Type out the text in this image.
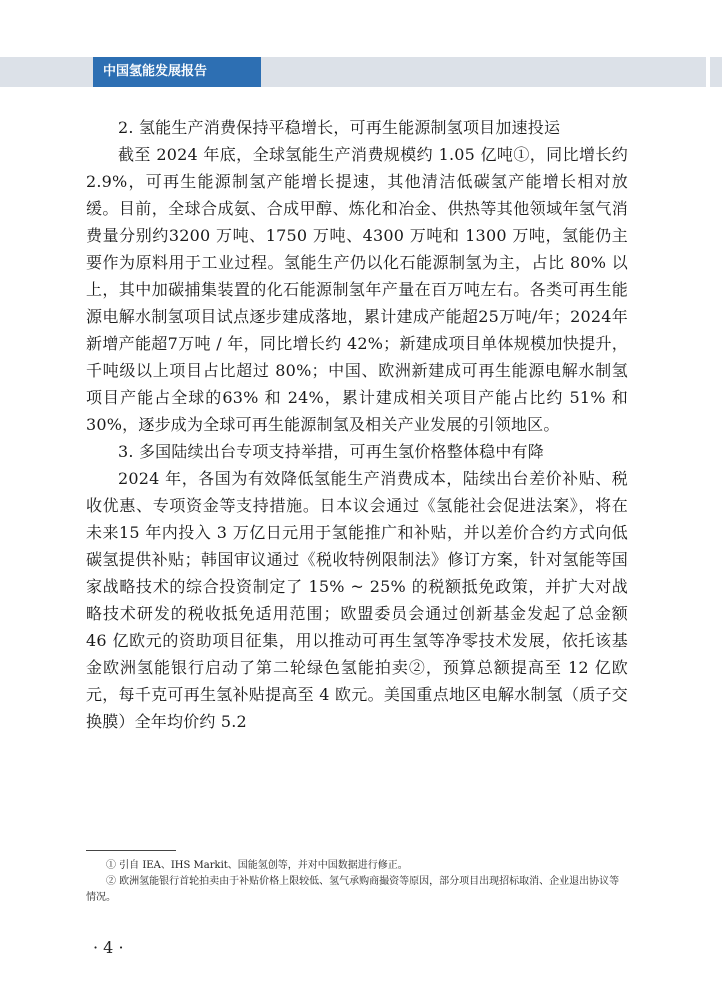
中国氢能发展报告

2. 氢能生产消费保持平稳增长，可再生能源制氢项目加速投运

截至 2024 年底，全球氢能生产消费规模约 1.05 亿吨①，同比增长约 2.9%，可再生能源制氢产能增长提速，其他清洁低碳氢产能增长相对放缓。目前，全球合成氨、合成甲醇、炼化和冶金、供热等其他领域年氢气消费量分别约3200 万吨、1750 万吨、4300 万吨和 1300 万吨，氢能仍主要作为原料用于工业过程。氢能生产仍以化石能源制氢为主，占比 80% 以上，其中加碳捕集装置的化石能源制氢年产量在百万吨左右。各类可再生能源电解水制氢项目试点逐步建成落地，累计建成产能超25万吨/年；2024年新增产能超7万吨 / 年，同比增长约 42%；新建成项目单体规模加快提升，千吨级以上项目占比超过 80%；中国、欧洲新建成可再生能源电解水制氢项目产能占全球的63% 和 24%，累计建成相关项目产能占比约 51% 和 30%，逐步成为全球可再生能源制氢及相关产业发展的引领地区。

3. 多国陆续出台专项支持举措，可再生氢价格整体稳中有降

2024 年，各国为有效降低氢能生产消费成本，陆续出台差价补贴、税收优惠、专项资金等支持措施。日本议会通过《氢能社会促进法案》，将在未来15 年内投入 3 万亿日元用于氢能推广和补贴，并以差价合约方式向低碳氢提供补贴；韩国审议通过《税收特例限制法》修订方案，针对氢能等国家战略技术的综合投资制定了 15% ~ 25% 的税额抵免政策，并扩大对战略技术研发的税收抵免适用范围；欧盟委员会通过创新基金发起了总金额 46 亿欧元的资助项目征集，用以推动可再生氢等净零技术发展，依托该基金欧洲氢能银行启动了第二轮绿色氢能拍卖②，预算总额提高至 12 亿欧元，每千克可再生氢补贴提高至 4 欧元。美国重点地区电解水制氢（质子交换膜）全年均价约 5.2

① 引自 IEA、IHS Markit、国能氢创等，并对中国数据进行修正。

② 欧洲氢能银行首轮拍卖由于补贴价格上限较低、氢气承购商撮资等原因，部分项目出现招标取消、企业退出协议等情况。

· 4 ·
